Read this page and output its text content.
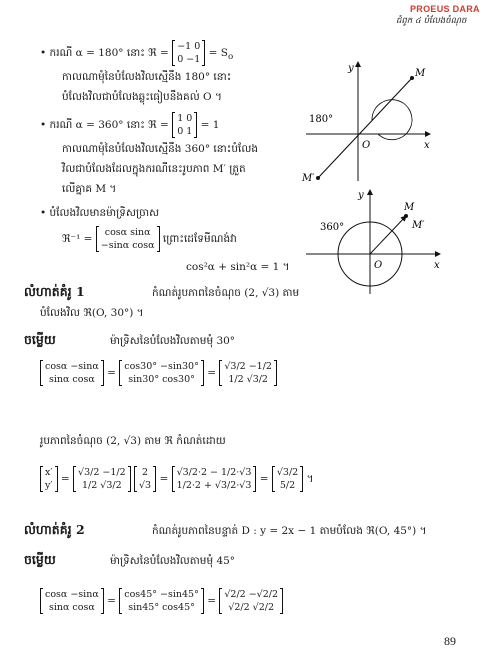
PROEUS DARA
ជំពូក ៤ បំលែងចំណុច
• ករណី α = 180° នោះ ℜ =
−1 0
0 −1
= $S_o$
កាលណាមុំនៃបំលែងវិលស្មើនឹង 180° នោះ
បំលែងវិលជាបំលែងឆ្លុះធៀបនឹងគល់ O ។
• ករណី α = 360° នោះ ℜ =
1 0
0 1
= 1
កាលណាមុំនៃបំលែងវិលស្មើនឹង 360° នោះបំលែង
វិលជាបំលែងដែលក្នុងករណីនេះរូបភាព M′ ត្រួត
លើគ្នាគ M ។
• បំលែងវិលមានម៉ាទ្រិសច្រាស
ℜ⁻¹ =
cosα sinα
−sinα cosα
ព្រោះដេទែមីណង់វា
cos²α + sin²α = 1 ។
180°
y
x
O
M
M′
360°
y
x
O
M
M′
លំហាត់គំរូ 1	កំណត់រូបភាពនៃចំណុច (2, √3) តាម
បំលែងវិល ℜ(O, 30°) ។
ចម្លើយ	ម៉ាទ្រិសនៃបំលែងវិលតាមមុំ 30°
cosα −sinα
sinα cosα
=
cos30° −sin30°
sin30° cos30°
=
√3/2 −1/2
1/2 √3/2
រូបភាពនៃចំណុច (2, √3) តាម ℜ កំណត់ដោយ
x′
y′
=
√3/2 −1/2
1/2 √3/2

2
√3
=
√3/2·2 − 1/2·√3
1/2·2 + √3/2·√3
=
√3/2
5/2
។
លំហាត់គំរូ 2	កំណត់រូបភាពនៃបន្ទាត់ D : y = 2x − 1 តាមបំលែង ℜ(O, 45°) ។
ចម្លើយ	ម៉ាទ្រិសនៃបំលែងវិលតាមមុំ 45°
cosα −sinα
sinα cosα
=
cos45° −sin45°
sin45° cos45°
=
√2/2 −√2/2
√2/2 √2/2
89
